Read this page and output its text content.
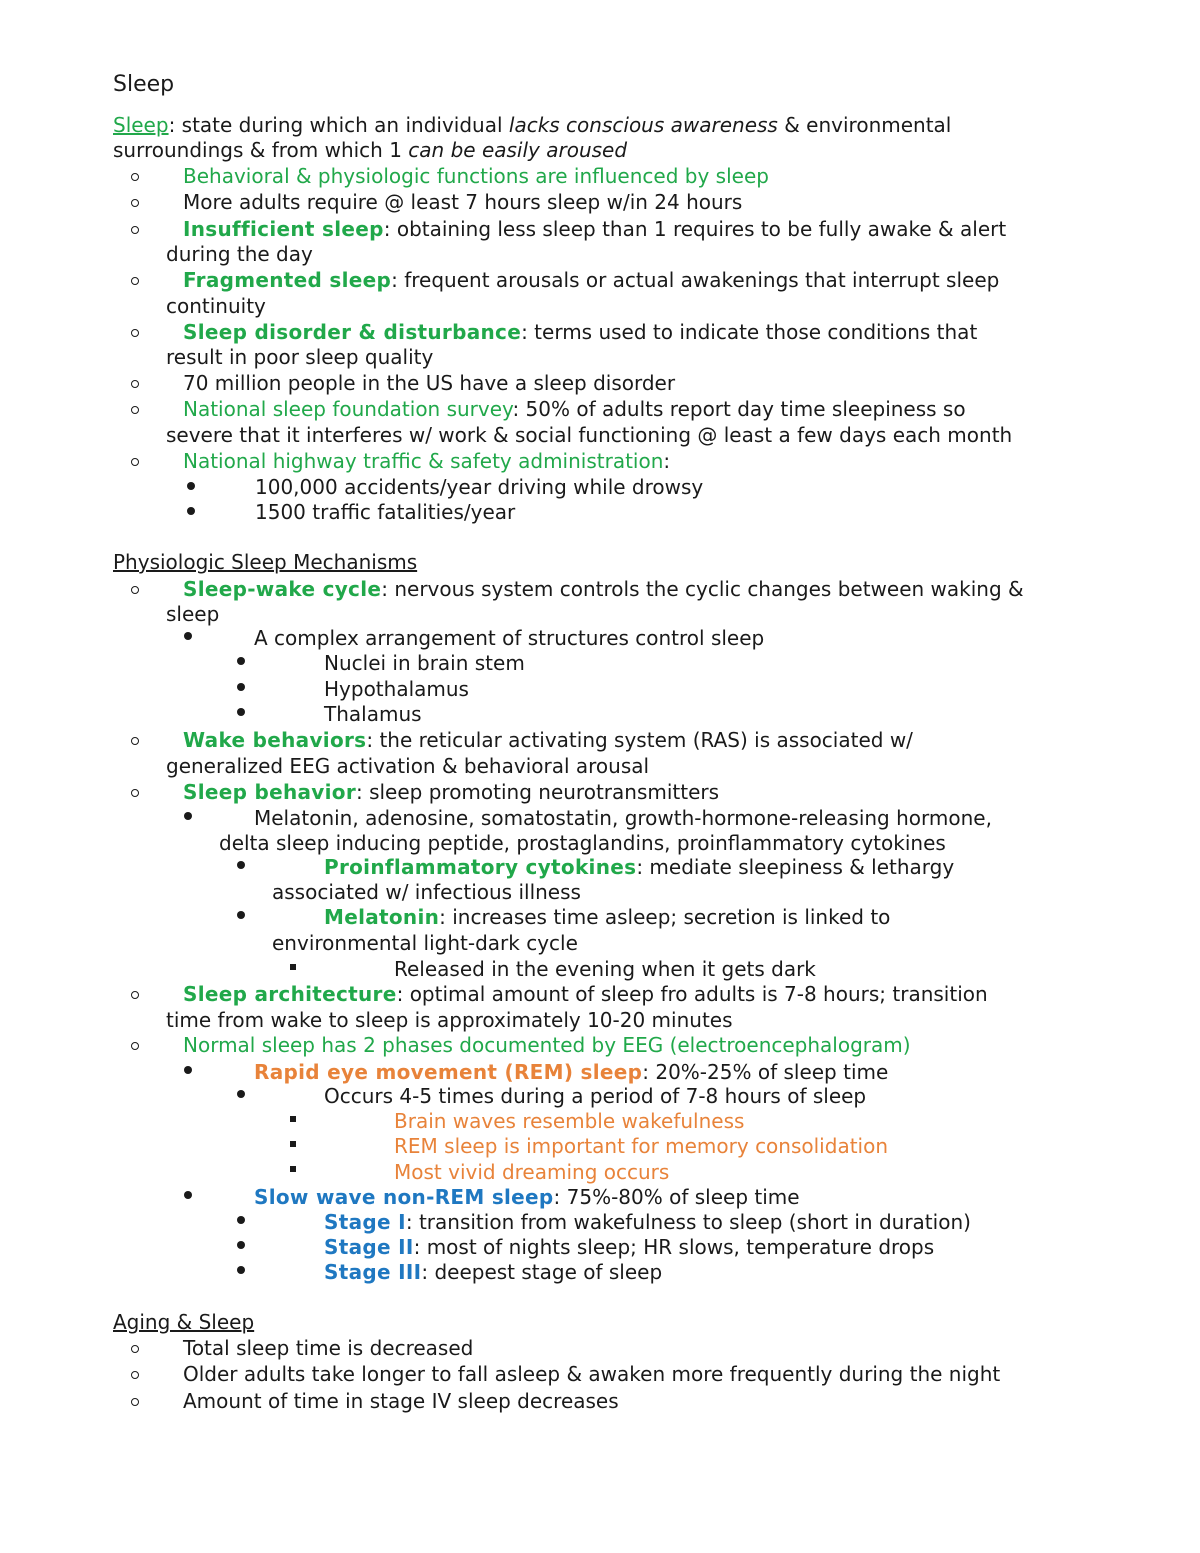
Sleep
Sleep: state during which an individual lacks conscious awareness & environmental
surroundings & from which 1 can be easily aroused
Behavioral & physiologic functions are influenced by sleep
More adults require @ least 7 hours sleep w/in 24 hours
Insufficient sleep: obtaining less sleep than 1 requires to be fully awake & alert
during the day
Fragmented sleep: frequent arousals or actual awakenings that interrupt sleep
continuity
Sleep disorder & disturbance: terms used to indicate those conditions that
result in poor sleep quality
70 million people in the US have a sleep disorder
National sleep foundation survey: 50% of adults report day time sleepiness so
severe that it interferes w/ work & social functioning @ least a few days each month
National highway traffic & safety administration:
100,000 accidents/year driving while drowsy
1500 traffic fatalities/year
Physiologic Sleep Mechanisms
Sleep-wake cycle: nervous system controls the cyclic changes between waking &
sleep
A complex arrangement of structures control sleep
Nuclei in brain stem
Hypothalamus
Thalamus
Wake behaviors: the reticular activating system (RAS) is associated w/
generalized EEG activation & behavioral arousal
Sleep behavior: sleep promoting neurotransmitters
Melatonin, adenosine, somatostatin, growth-hormone-releasing hormone,
delta sleep inducing peptide, prostaglandins, proinflammatory cytokines
Proinflammatory cytokines: mediate sleepiness & lethargy
associated w/ infectious illness
Melatonin: increases time asleep; secretion is linked to
environmental light-dark cycle
Released in the evening when it gets dark
Sleep architecture: optimal amount of sleep fro adults is 7-8 hours; transition
time from wake to sleep is approximately 10-20 minutes
Normal sleep has 2 phases documented by EEG (electroencephalogram)
Rapid eye movement (REM) sleep: 20%-25% of sleep time
Occurs 4-5 times during a period of 7-8 hours of sleep
Brain waves resemble wakefulness
REM sleep is important for memory consolidation
Most vivid dreaming occurs
Slow wave non-REM sleep: 75%-80% of sleep time
Stage I: transition from wakefulness to sleep (short in duration)
Stage II: most of nights sleep; HR slows, temperature drops
Stage III: deepest stage of sleep
Aging & Sleep
Total sleep time is decreased
Older adults take longer to fall asleep & awaken more frequently during the night
Amount of time in stage IV sleep decreases
